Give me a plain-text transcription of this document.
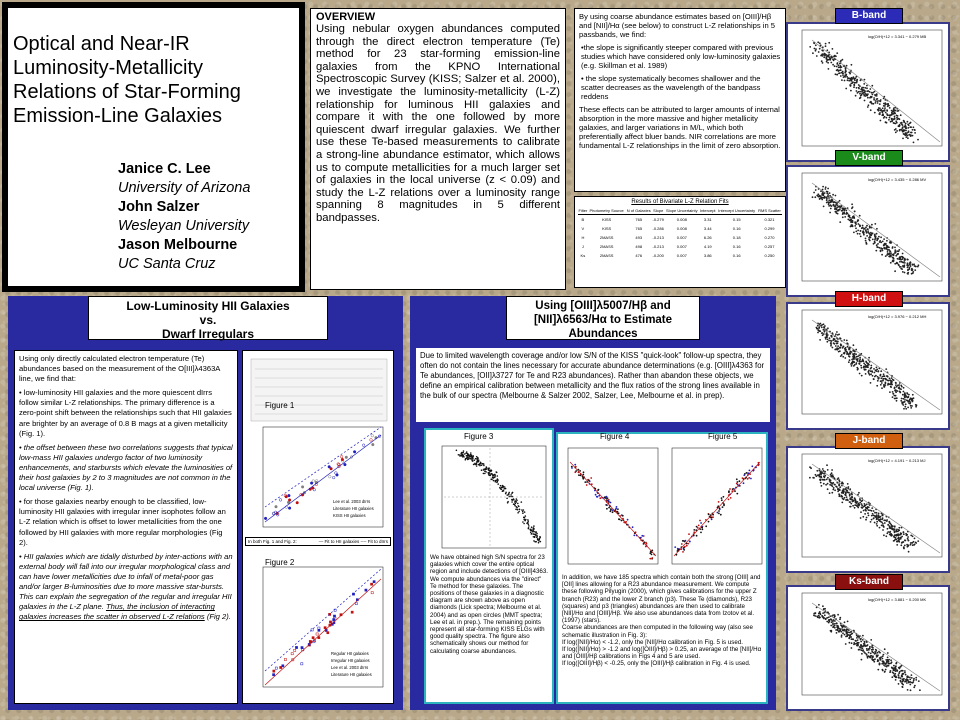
Optical and Near-IR
Luminosity-Metallicity
Relations of Star-Forming
Emission-Line Galaxies
Janice C. Lee
University of Arizona
John Salzer
Wesleyan University
Jason Melbourne
UC Santa Cruz
OVERVIEW

Using nebular oxygen abundances computed through the direct electron temperature (Te) method for 23 star-forming emission-line galaxies from the KPNO International Spectroscopic Survey (KISS; Salzer et al. 2000), we investigate the luminosity-metallicity (L-Z) relationship for luminous HII galaxies and compare it with the one followed by more quiescent dwarf irregular galaxies. We further use these Te-based measurements to calibrate a strong-line abundance estimator, which allows us to compute metallicities for a much larger set of galaxies in the local universe (z < 0.09) and study the L-Z relations over a luminosity range spanning 8 magnitudes in 5 different bandpasses.

By using coarse abundance estimates based on [OIII]/Hβ and [NII]/Hα (see below) to construct L-Z relationships in 5 passbands, we find:

•the slope is significantly steeper compared with previous studies which have considered only low-luminosity galaxies (e.g. Skillman et al. 1989)
• the slope systematically becomes shallower and the scatter decreases as the wavelength of the bandpass reddens

These effects can be attributed to larger amounts of internal absorption in the more massive and higher metallicity galaxies, and larger variations in M/L, which both preferentially affect bluer bands. NIR correlations are more fundamental L-Z relationships in the limit of zero absorption.

Results of Bivariate L-Z Relation Fits
Filter	Photometry Source	N of Galaxies	Slope	Slope Uncertainty	Intercept	Intercept Uncertainty	RMS Scatter
B	KISS	765	-0.279	0.008	3.31	0.15	0.321
V	KISS	765	-0.286	0.008	3.44	0.16	0.299
H	2MASS	493	-0.213	0.007	6.26	0.18	0.270
J	2MASS	498	-0.213	0.007	4.19	0.16	0.257
Ks	2MASS	476	-0.200	0.007	3.86	0.16	0.250
log(O/H)+12 = 3.341 − 0.279 MB
B-band
log(O/H)+12 = 3.435 − 0.286 MV
V-band
log(O/H)+12 = 3.976 − 0.212 MH
H-band
log(O/H)+12 = 4.191 − 0.213 MJ
J-band
log(O/H)+12 = 3.881 − 0.200 MK
Ks-band
Low-Luminosity HII Galaxies
vs.
Dwarf Irregulars

Using only directly calculated electron temperature (Te) abundances based on the measurement of the O[III]λ4363A line, we find that:

• low-luminosity HII galaxies and the more quiescent dIrrs follow similar L-Z relationships. The primary difference is a zero-point shift between the relationships such that HII galaxies are brighter by an average of 0.8 B mags at a given metallicity (Fig. 1).
• the offset between these two correlations suggests that typical low-mass HII galaxies undergo factor of two luminosity enhancements, and starbursts which elevate the luminosities of their host galaxies by 2 to 3 magnitudes are not common in the local universe (Fig. 1).
• for those galaxies nearby enough to be classified, low-luminosity HII galaxies with irregular inner isophotes follow an L-Z relation which is offset to lower metallicities from the one followed by HII galaxies with more regular morphologies (Fig 2).
• HII galaxies which are tidally disturbed by inter-actions with an external body will fall into our irregular morphological class and can have lower metallicities due to infall of metal-poor gas and/or larger B-luminosities due to more massive star-bursts. This can explain the segregation of the regular and irregular HII galaxies in the L-Z plane. Thus, the inclusion of interacting galaxies increases the scatter in observed L-Z relations (Fig 2).
Lee et al. 2003 dIrrs
Literature HII galaxies
KISS HII galaxies
Figure 1
In both Fig. 1 and Fig. 2:	— Fit to HII galaxies ---- Fit to dIrrs
Regular HII galaxies
Irregular HII galaxies
Lee et al. 2003 dIrrs
Literature HII galaxies
Figure 2
Using [OIII]λ5007/Hβ and [NII]λ6563/Hα to Estimate Abundances
Due to limited wavelength coverage and/or low S/N of the KISS "quick-look" follow-up spectra, they often do not contain the lines necessary for accurate abundance determinations (e.g. [OIII]λ4363 for Te abundances, [OII]λ3727 for Te and R23 abundances). Rather than abandon these objects, we define an empirical calibration between metallicity and the flux ratios of the strong lines available in the bulk of our spectra (Melbourne & Salzer 2002, Salzer, Lee, Melbourne et al. in prep).
Figure 3
We have obtained high S/N spectra for 23 galaxies which cover the entire optical region and include detections of [OIII]4363. We compute abundances via the "direct" Te method for these galaxies. The positions of these galaxies in a diagnostic diagram are shown above as open diamonds (Lick spectra; Melbourne et al. 2004) and as open circles (MMT spectra; Lee et al. in prep.). The remaining points represent all star-forming KISS ELGs with good quality spectra. The figure also schematically shows our method for calculating coarse abundances.
Figure 4	Figure 5

In addition, we have 185 spectra which contain both the strong [OIII] and [OII] lines allowing for a R23 abundance measurement. We compute these following Pilyugin (2000), which gives calibrations for the upper Z branch (R23) and the lower Z branch (p3). These Te (diamonds), R23 (squares) and p3 (triangles) abundances are then used to calibrate [NII]/Hα and [OIII]/Hβ. We also use abundances data from Izotov et al. (1997) (stars).

Coarse abundances are then computed in the following way (also see schematic illustration in Fig. 3):

If log([NII]/Hα) < -1.2, only the [NII]/Hα calibration in Fig. 5 is used.

If log([NII]/Hα) > -1.2 and log([OIII]/Hβ) > 0.25, an average of the [NII]/Hα and [OIII]/Hβ calibrations in Figs 4 and 5 are used.

If log([OIII]/Hβ) < -0.25, only the [OIII]/Hβ calibration in Fig. 4 is used.
